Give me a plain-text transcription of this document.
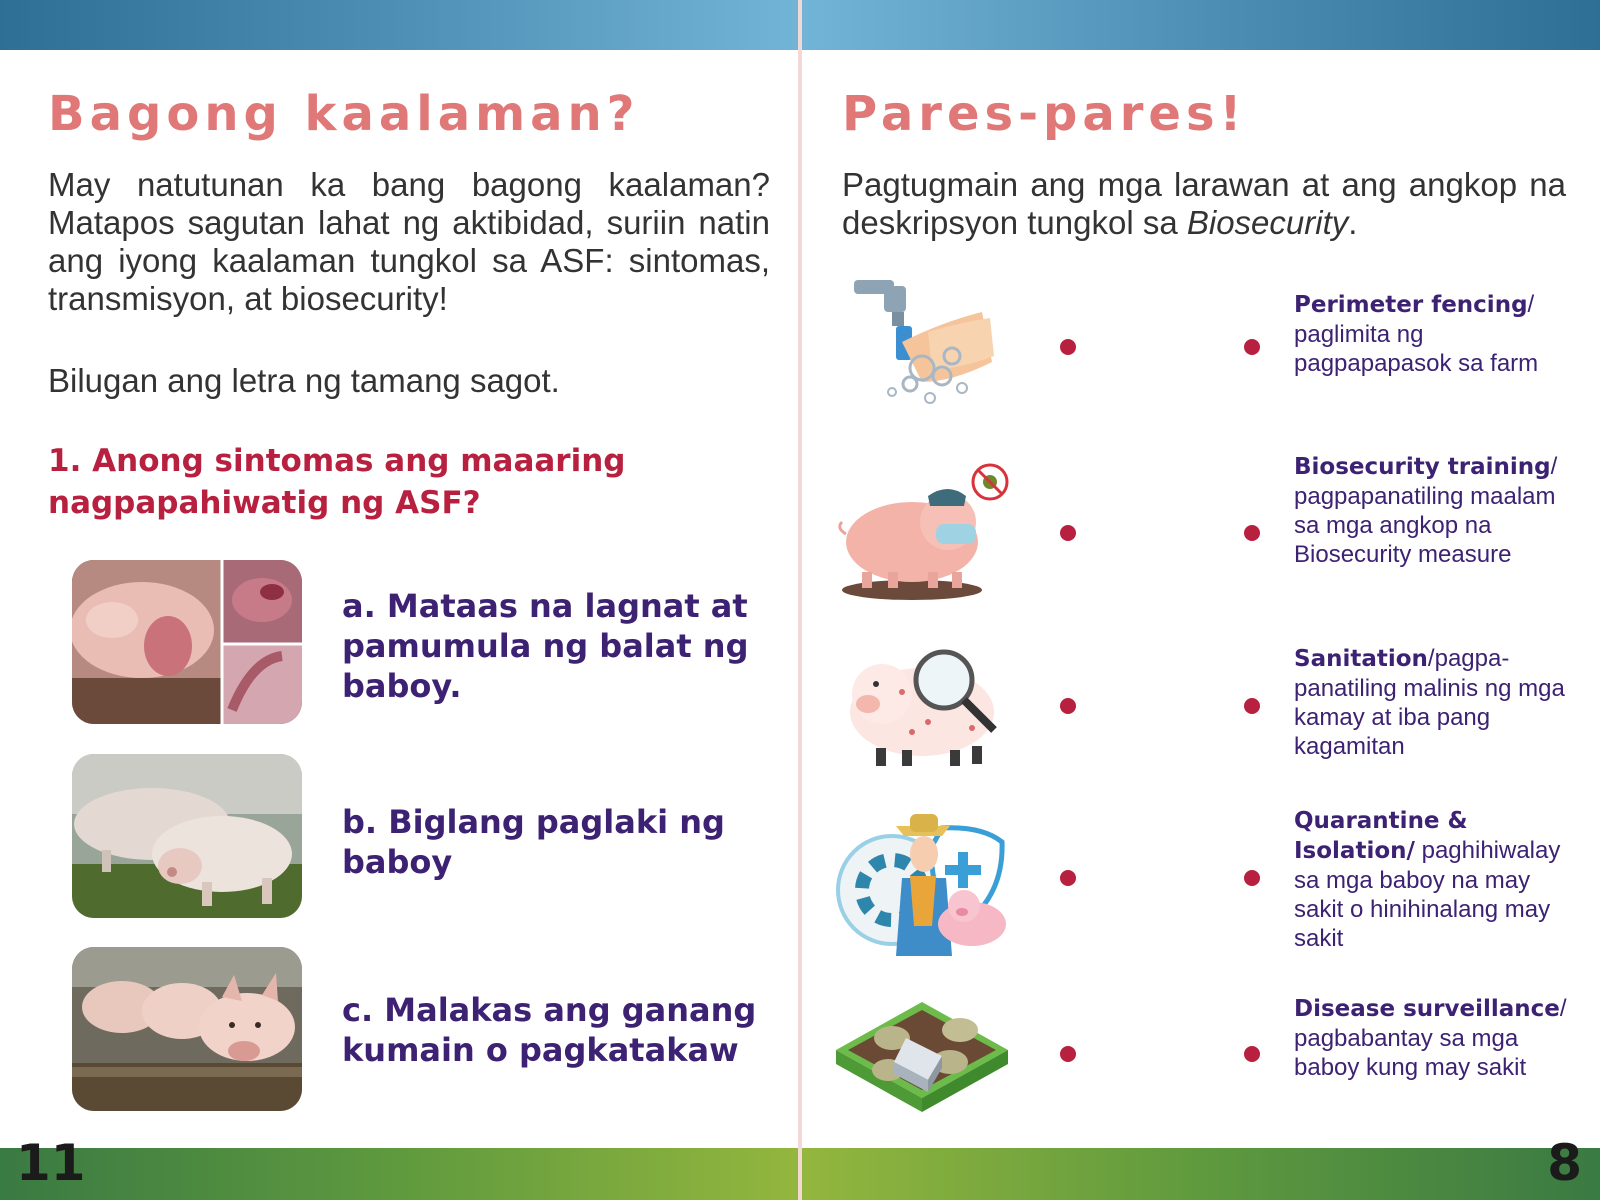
Bagong kaalaman?

May natutunan ka bang bagong kaalaman? Matapos sagutan lahat ng aktibidad, suriin natin ang iyong kaalaman tungkol sa ASF: sintomas, transmisyon, at biosecurity!

Bilugan ang letra ng tamang sagot.

1. Anong sintomas ang maaaring nagpapahiwatig ng ASF?

a. Mataas na lagnat at pamumula ng balat ng baboy.

b. Biglang paglaki ng baboy

c. Malakas ang ganang kumain o pagkatakaw

11
Pares-pares!

Pagtugmain ang mga larawan at ang angkop na deskripsyon tungkol sa Biosecurity.

Perimeter fencing/ paglimita ng pagpapapasok sa farm

Biosecurity training/ pagpapanatiling maalam sa mga angkop na Biosecurity measure

Sanitation/pagpa-panatiling malinis ng mga kamay at iba pang kagamitan

Quarantine & Isolation/ paghihiwalay sa mga baboy na may sakit o hinihinalang may sakit

Disease surveillance/ pagbabantay sa mga baboy kung may sakit

8
